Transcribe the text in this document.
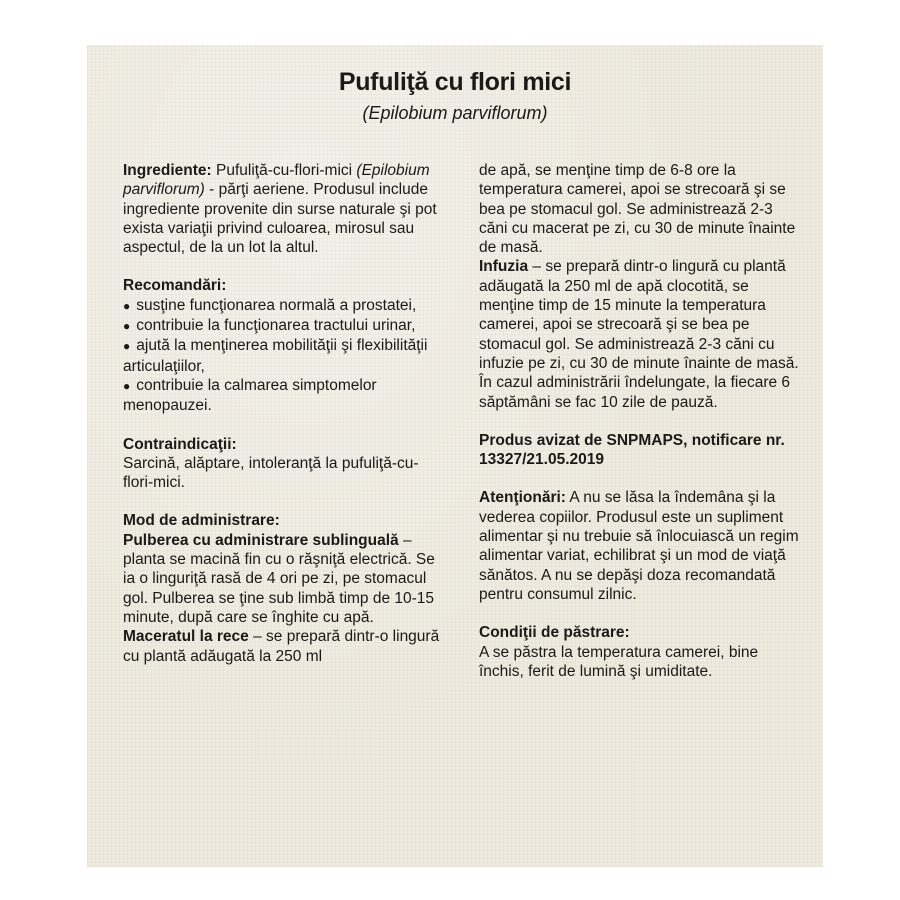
Pufuliţă cu flori mici
(Epilobium parviflorum)

Ingrediente: Pufuliţă-cu-flori-mici (Epilobium parviflorum) - părţi aeriene. Produsul include ingrediente provenite din surse naturale şi pot exista variaţii privind culoarea, mirosul sau aspectul, de la un lot la altul.

Recomandări:

● susţine funcţionarea normală a prostatei,

● contribuie la funcţionarea tractului urinar,

● ajută la menţinerea mobilităţii şi flexibilităţii articulaţiilor,

● contribuie la calmarea simptomelor menopauzei.

Contraindicaţii:

Sarcină, alăptare, intoleranţă la pufuliţă-cu-flori-mici.

Mod de administrare:

Pulberea cu administrare sublinguală – planta se macină fin cu o răşniţă electrică. Se ia o linguriţă rasă de 4 ori pe zi, pe stomacul gol. Pulberea se ţine sub limbă timp de 10-15 minute, după care se înghite cu apă.

Maceratul la rece – se prepară dintr-o lingură cu plantă adăugată la 250 ml

de apă, se menţine timp de 6-8 ore la temperatura camerei, apoi se strecoară şi se bea pe stomacul gol. Se administrează 2-3 căni cu macerat pe zi, cu 30 de minute înainte de masă.

Infuzia – se prepară dintr-o lingură cu plantă adăugată la 250 ml de apă clocotită, se menţine timp de 15 minute la temperatura camerei, apoi se strecoară şi se bea pe stomacul gol. Se administrează 2-3 căni cu infuzie pe zi, cu 30 de minute înainte de masă.

În cazul administrării îndelungate, la fiecare 6 săptămâni se fac 10 zile de pauză.

Produs avizat de SNPMAPS, notificare nr. 13327/21.05.2019

Atenţionări: A nu se lăsa la îndemâna şi la vederea copiilor. Produsul este un supliment alimentar şi nu trebuie să înlocuiască un regim alimentar variat, echilibrat şi un mod de viaţă sănătos. A nu se depăşi doza recomandată pentru consumul zilnic.

Condiţii de păstrare:

A se păstra la temperatura camerei, bine închis, ferit de lumină şi umiditate.
